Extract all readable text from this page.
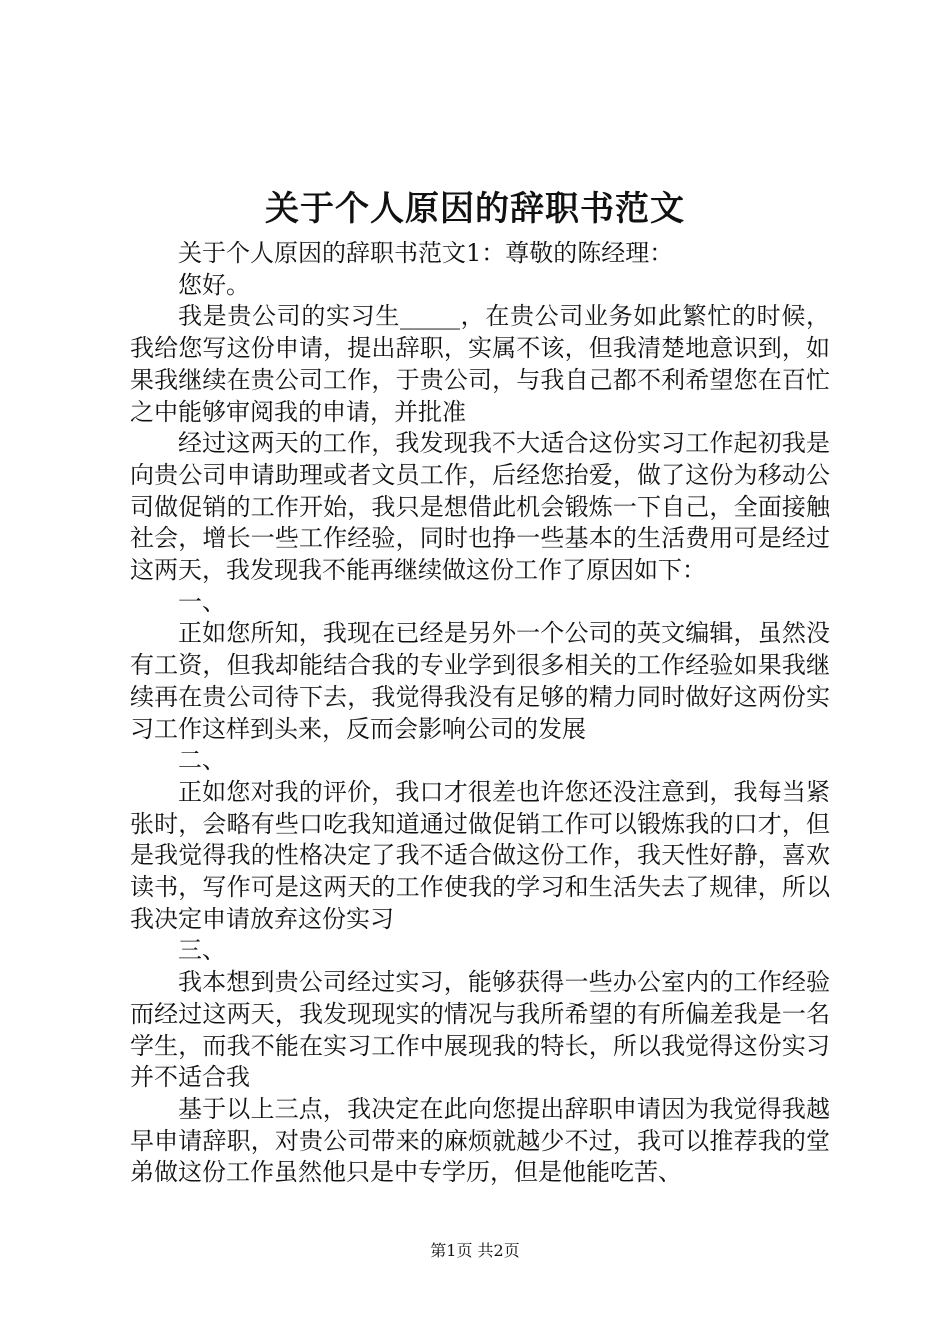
关于个人原因的辞职书范文

关于个人原因的辞职书范文1：尊敬的陈经理：

您好。

我是贵公司的实习生_____，在贵公司业务如此繁忙的时候，我给您写这份申请，提出辞职，实属不该，但我清楚地意识到，如果我继续在贵公司工作，于贵公司，与我自己都不利希望您在百忙之中能够审阅我的申请，并批准

经过这两天的工作，我发现我不大适合这份实习工作起初我是向贵公司申请助理或者文员工作，后经您抬爱，做了这份为移动公司做促销的工作开始，我只是想借此机会锻炼一下自己，全面接触社会，增长一些工作经验，同时也挣一些基本的生活费用可是经过这两天，我发现我不能再继续做这份工作了原因如下：

一、

正如您所知，我现在已经是另外一个公司的英文编辑，虽然没有工资，但我却能结合我的专业学到很多相关的工作经验如果我继续再在贵公司待下去，我觉得我没有足够的精力同时做好这两份实习工作这样到头来，反而会影响公司的发展

二、

正如您对我的评价，我口才很差也许您还没注意到，我每当紧张时，会略有些口吃我知道通过做促销工作可以锻炼我的口才，但是我觉得我的性格决定了我不适合做这份工作，我天性好静，喜欢读书，写作可是这两天的工作使我的学习和生活失去了规律，所以我决定申请放弃这份实习

三、

我本想到贵公司经过实习，能够获得一些办公室内的工作经验而经过这两天，我发现现实的情况与我所希望的有所偏差我是一名学生，而我不能在实习工作中展现我的特长，所以我觉得这份实习并不适合我

基于以上三点，我决定在此向您提出辞职申请因为我觉得我越早申请辞职，对贵公司带来的麻烦就越少不过，我可以推荐我的堂弟做这份工作虽然他只是中专学历，但是他能吃苦、

第1页 共2页
